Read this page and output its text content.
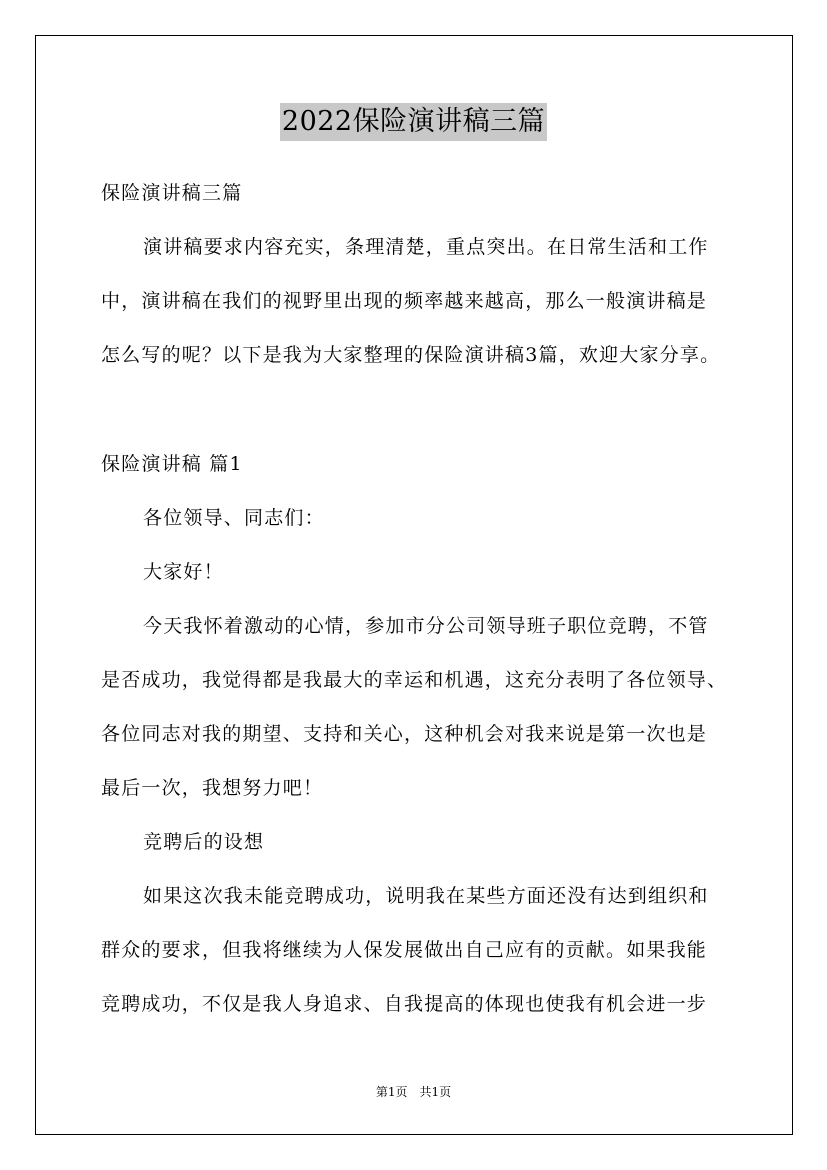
2022保险演讲稿三篇
保险演讲稿三篇
演讲稿要求内容充实，条理清楚，重点突出。在日常生活和工作
中，演讲稿在我们的视野里出现的频率越来越高，那么一般演讲稿是
怎么写的呢？以下是我为大家整理的保险演讲稿3篇，欢迎大家分享。
保险演讲稿 篇1
各位领导、同志们：
大家好！
今天我怀着激动的心情，参加市分公司领导班子职位竞聘，不管
是否成功，我觉得都是我最大的幸运和机遇，这充分表明了各位领导、
各位同志对我的期望、支持和关心，这种机会对我来说是第一次也是
最后一次，我想努力吧！
竞聘后的设想
如果这次我未能竞聘成功，说明我在某些方面还没有达到组织和
群众的要求，但我将继续为人保发展做出自己应有的贡献。如果我能
竞聘成功，不仅是我人身追求、自我提高的体现也使我有机会进一步
第1页　共1页
